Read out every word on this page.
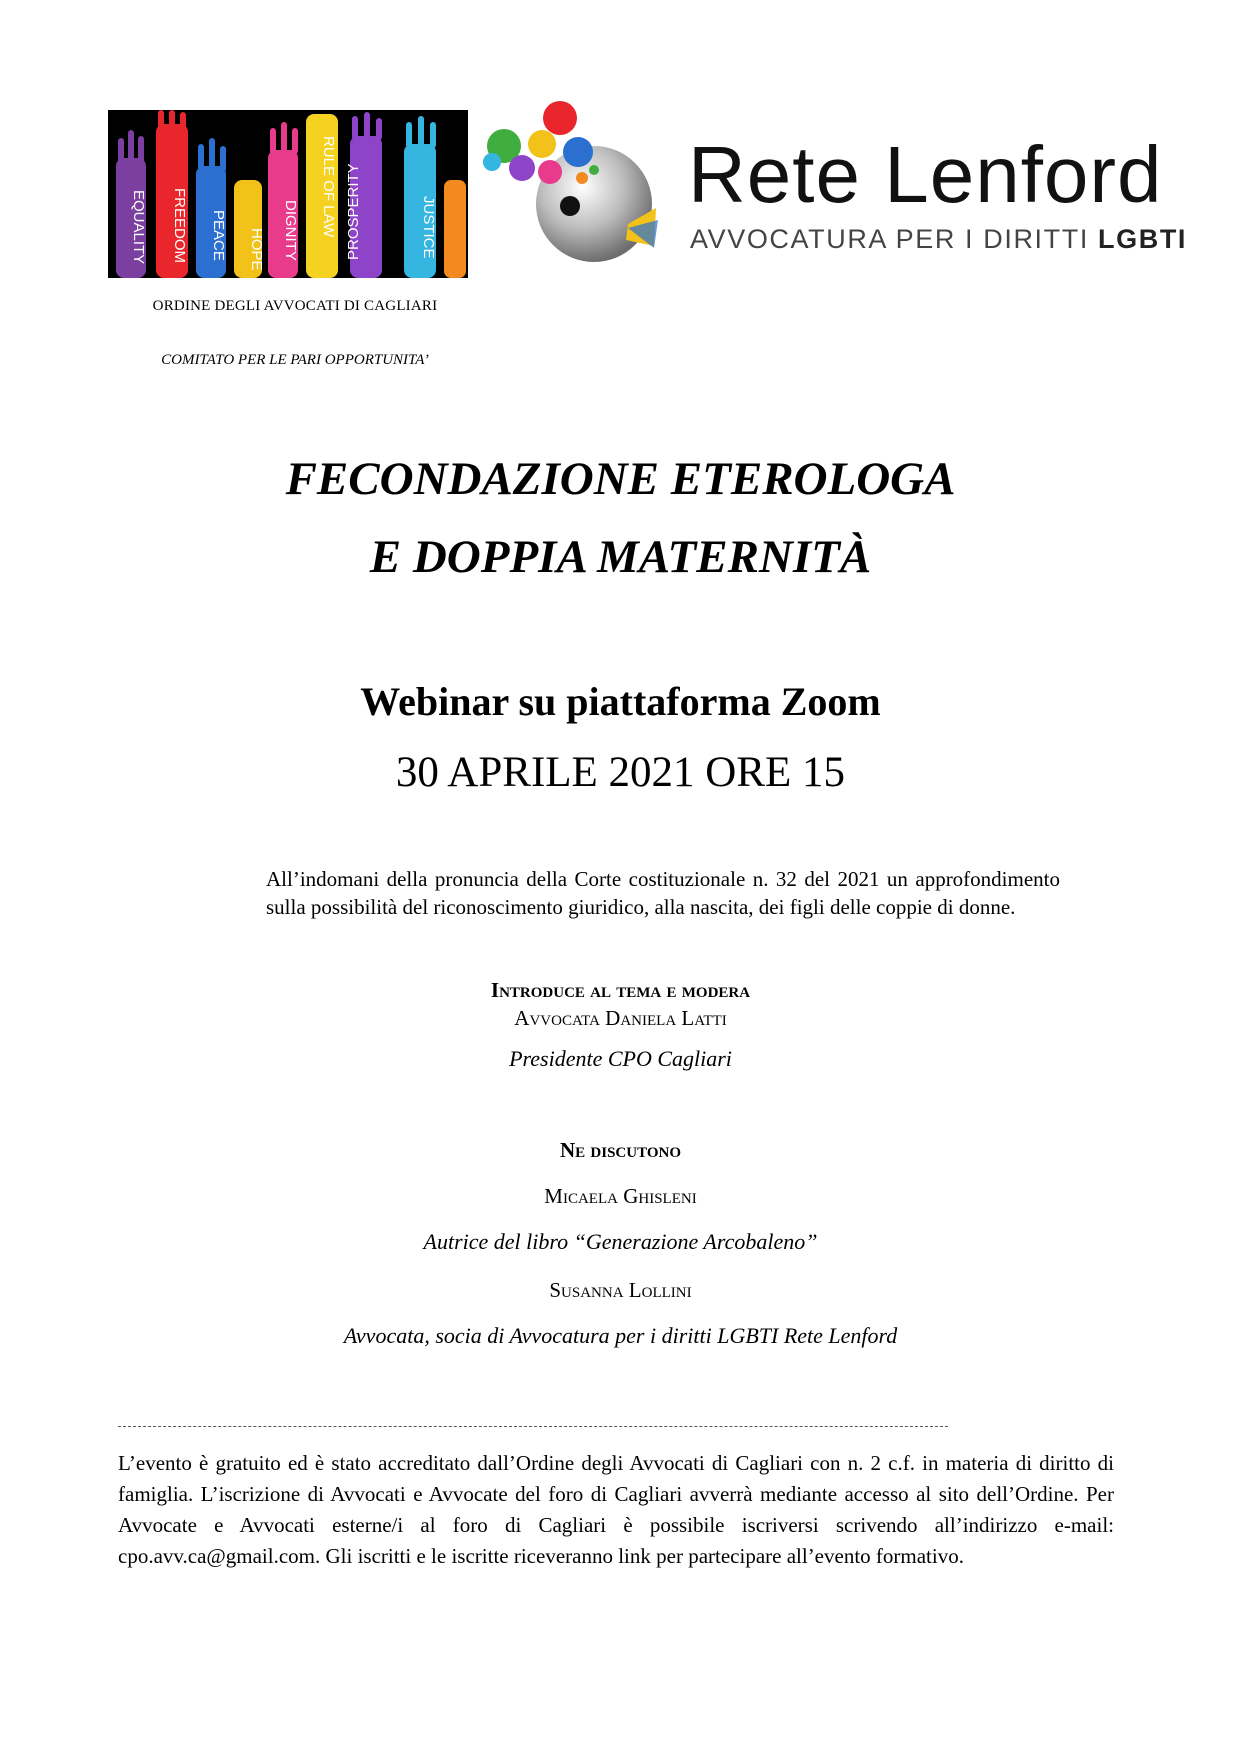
EQUALITY FREEDOM PEACE HOPE DIGNITY RULE OF LAW PROSPERITY	JUSTICE
ORDINE DEGLI AVVOCATI DI CAGLIARI
COMITATO PER LE PARI OPPORTUNITA’
Rete Lenford
AVVOCATURA PER I DIRITTI LGBTI
FECONDAZIONE ETEROLOGA
E DOPPIA MATERNITÀ
Webinar su piattaforma Zoom
30 APRILE 2021 ORE 15
All’indomani della pronuncia della Corte costituzionale n. 32 del 2021 un approfondimento sulla possibilità del riconoscimento giuridico, alla nascita, dei figli delle coppie di donne.
Introduce al tema e modera
Avvocata Daniela Latti
Presidente CPO Cagliari
Ne discutono
Micaela Ghisleni
Autrice del libro “Generazione Arcobaleno”
Susanna Lollini
Avvocata, socia di Avvocatura per i diritti LGBTI Rete Lenford
L’evento è gratuito ed è stato accreditato dall’Ordine degli Avvocati di Cagliari con n. 2 c.f. in materia di diritto di famiglia. L’iscrizione di Avvocati e Avvocate del foro di Cagliari avverrà mediante accesso al sito dell’Ordine. Per Avvocate e Avvocati esterne/i al foro di Cagliari è possibile iscriversi scrivendo all’indirizzo e-mail: cpo.avv.ca@gmail.com. Gli iscritti e le iscritte riceveranno link per partecipare all’evento formativo.
